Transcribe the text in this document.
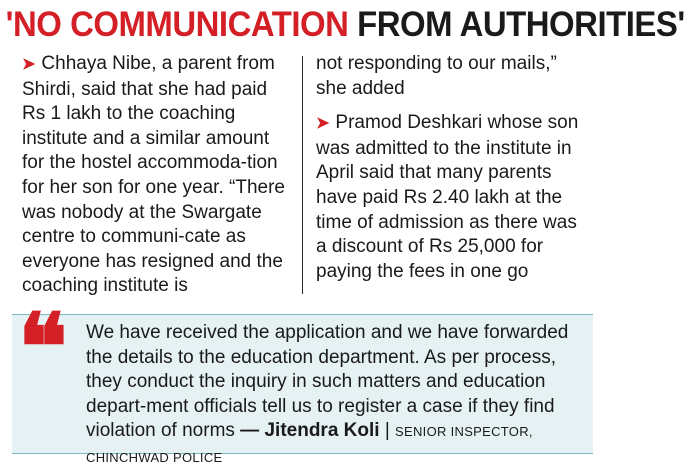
'NO COMMUNICATION FROM AUTHORITIES'

➤ Chhaya Nibe, a parent from Shirdi, said that she had paid Rs 1 lakh to the coaching institute and a similar amount for the hostel accommoda-tion for her son for one year. “There was nobody at the Swargate centre to communi-cate as everyone has resigned and the coaching institute is

not responding to our mails,” she added

➤ Pramod Deshkari whose son was admitted to the institute in April said that many parents have paid Rs 2.40 lakh at the time of admission as there was a discount of Rs 25,000 for paying the fees in one go

❝ We have received the application and we have forwarded the details to the education department. As per process, they conduct the inquiry in such matters and education depart-ment officials tell us to register a case if they find violation of norms — Jitendra Koli | SENIOR INSPECTOR, CHINCHWAD POLICE
